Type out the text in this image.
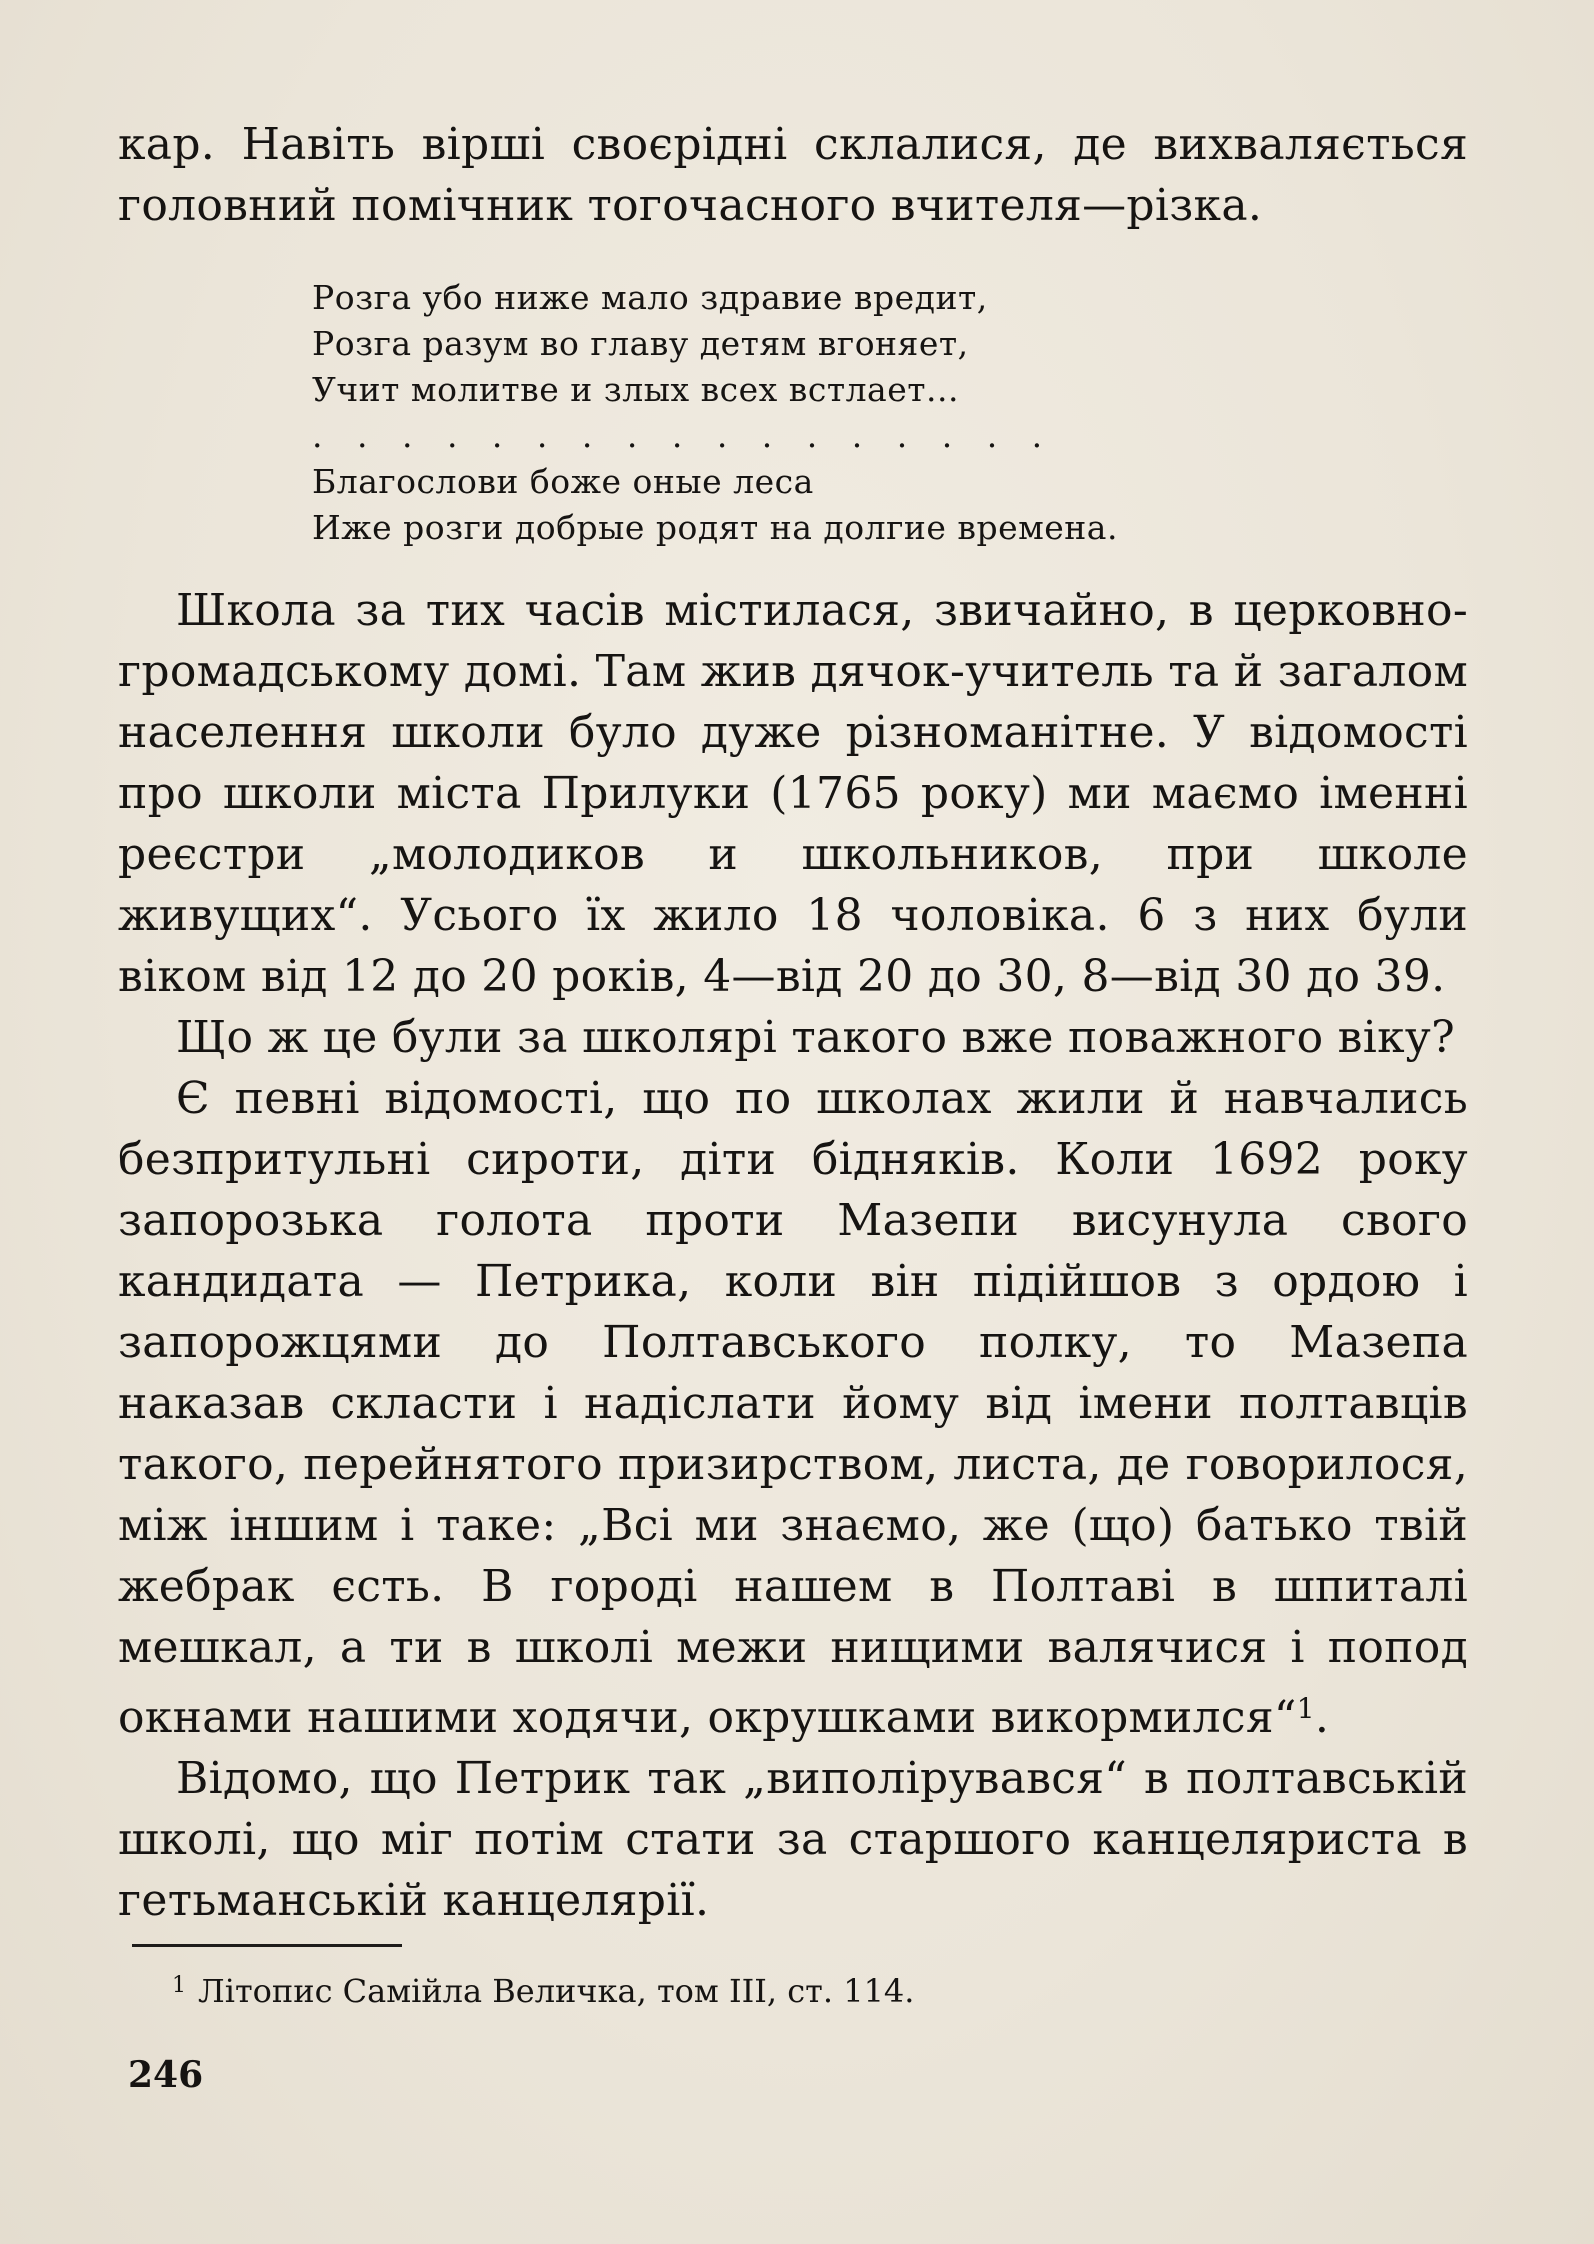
кар. Навіть вірші своєрідні склалися, де вихваляється головний помічник тогочасного вчителя—різка.

Розга убо ниже мало здравие вредит,

Розга разум во главу детям вгоняет,

Учит молитве и злых всех встлает...

. . . . . . . . . . . . . . . . .

Благослови боже оные леса

Иже розги добрые родят на долгие времена.

Школа за тих часів містилася, звичайно, в церковно-громадському домі. Там жив дячок-учитель та й загалом населення школи було дуже різноманітне. У відомості про школи міста Прилуки (1765 року) ми маємо іменні реєстри „молодиков и школьников, при школе живущих“. Усього їх жило 18 чоловіка. 6 з них були віком від 12 до 20 років, 4—від 20 до 30, 8—від 30 до 39.

Що ж це були за школярі такого вже поважного віку?

Є певні відомості, що по школах жили й навчались безпритульні сироти, діти бідняків. Коли 1692 року запорозька голота проти Мазепи висунула свого кандидата — Петрика, коли він підійшов з ордою і запорожцями до Полтавського полку, то Мазепа наказав скласти і надіслати йому від імени полтавців такого, перейнятого призирством, листа, де говорилося, між іншим і таке: „Всі ми знаємо, же (що) батько твій жебрак єсть. В городі нашем в Полтаві в шпиталі мешкал, а ти в школі межи нищими валячися і попод окнами нашими ходячи, окрушками викормился“$^1$.

Відомо, що Петрик так „виполірувався“ в полтавській школі, що міг потім стати за старшого канцеляриста в гетьманській канцелярії.

$^1$ Літопис Самійла Величка, том III, ст. 114.
246
